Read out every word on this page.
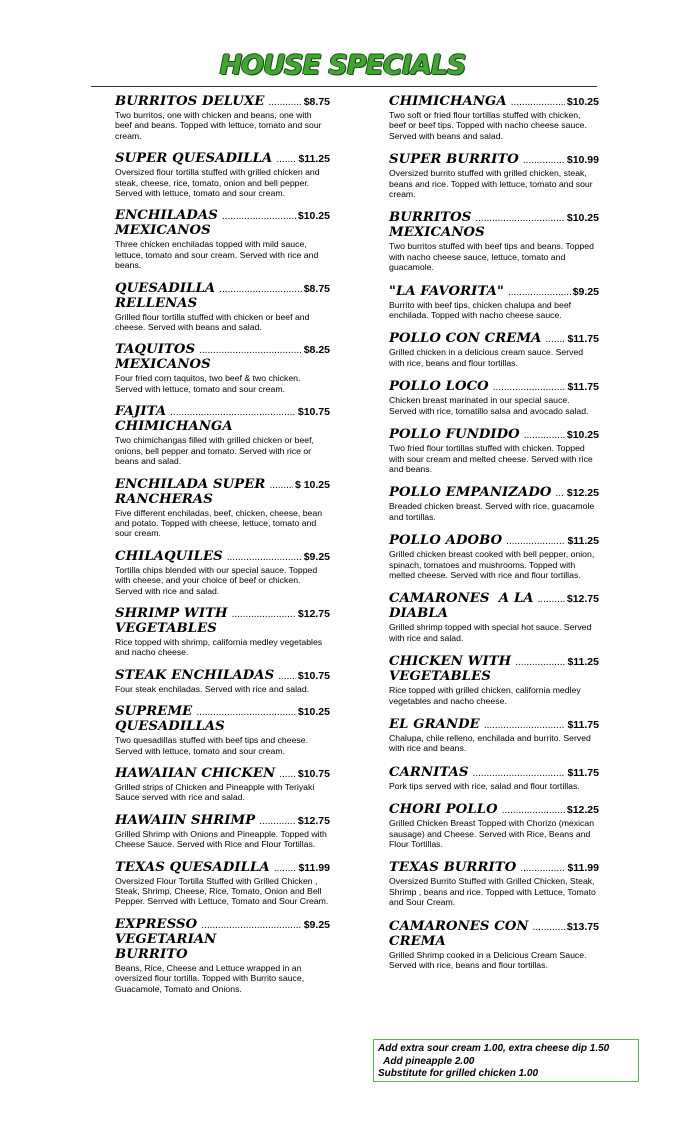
HOUSE SPECIALS
BURRITOS DELUXE .....	$8.75
Two burritos, one with chicken and beans, one with beef and beans. Topped with lettuce, tomato and sour cream.
SUPER QUESADILLA ..... $11.25
Oversized flour tortilla stuffed with grilled chicken and steak, cheese, rice, tomato, onion and bell pepper. Served with lettuce, tomato and sour cream.
ENCHILADAS .....	$10.25
MEXICANOS
Three chicken enchiladas topped with mild sauce, lettuce, tomato and sour cream. Served with rice and beans.
QUESADILLA .....	$8.75
RELLENAS
Grilled flour tortilla stuffed with chicken or beef and cheese. Served with beans and salad.
TAQUITOS .....	$8.25
MEXICANOS
Four fried corn taquitos, two beef & two chicken. Served with lettuce, tomato and sour cream.
FAJITA .....	$10.75
CHIMICHANGA
Two chimichangas filled with grilled chicken or beef, onions, bell pepper and tomato. Served with rice or beans and salad.
ENCHILADA SUPER .....	$ 10.25
RANCHERAS
Five different enchiladas, beef, chicken, cheese, bean and potato. Topped with cheese, lettuce, tomato and sour cream.
CHILAQUILES .....	$9.25
Tortilla chips blended with our special sauce. Topped with cheese, and your choice of beef or chicken. Served with rice and salad.
SHRIMP WITH .....	$12.75
VEGETABLES
Rice topped with shrimp, california medley vegetables and nacho cheese.
STEAK ENCHILADAS ..... $10.75
Four steak enchiladas. Served with rice and salad.
SUPREME .....	$10.25
QUESADILLAS
Two quesadillas stuffed with beef tips and cheese. Served with lettuce, tomato and sour cream.
HAWAIIAN CHICKEN ..... $10.75
Grilled strips of Chicken and Pineapple with Teriyaki Sauce served with rice and salad.
HAWAIIN SHRIMP .....	$12.75
Grilled Shrimp with Onions and Pineapple. Topped with Cheese Sauce. Served with Rice and Flour Tortillas.
TEXAS QUESADILLA .....	$11.99
Oversized Flour Tortilla Stuffed with Grilled Chicken , Steak, Shrimp, Cheese, Rice, Tomato, Onion and Bell Pepper. Serrved with Lettuce, Tomato and Sour Cream.
EXPRESSO .....	$9.25
VEGETARIAN BURRITO
Beans, Rice, Cheese and Lettuce wrapped in an oversized flour tortilla. Topped with Burrito sauce, Guacamole, Tomato and Onions.
CHIMICHANGA .....	$10.25
Two soft or fried flour tortillas stuffed with chicken, beef or beef tips. Topped with nacho cheese sauce. Served with beans and salad.
SUPER BURRITO .....	$10.99
Oversized burrito stuffed with grilled chicken, steak, beans and rice. Topped with lettuce, tomato and sour cream.
BURRITOS .....	$10.25
MEXICANOS
Two burritos stuffed with beef tips and beans. Topped with nacho cheese sauce, lettuce, tomato and guacamole.
"LA FAVORITA" .....	$9.25
Burrito with beef tips, chicken chalupa and beef enchilada. Topped with nacho cheese sauce.
POLLO CON CREMA ..... $11.75
Grilled chicken in a delicious cream sauce. Served with rice, beans and flour tortillas.
POLLO LOCO .....	$11.75
Chicken breast marinated in our special sauce. Served with rice, tomatillo salsa and avocado salad.
POLLO FUNDIDO .....	$10.25
Two fried flour tortillas stuffed with chicken. Topped with sour cream and melted cheese. Served with rice and beans.
POLLO EMPANIZADO ..... $12.25
Breaded chicken breast. Served with rice, guacamole and tortillas.
POLLO ADOBO .....	$11.25
Grilled chicken breast cooked with bell pepper, onion, spinach, tomatoes and mushrooms. Topped with melted cheese. Served with rice and flour tortillas.
CAMARONES  A LA .....	$12.75
DIABLA
Grilled shrimp topped with special hot sauce. Served with rice and salad.
CHICKEN WITH .....	$11.25
VEGETABLES
Rice topped with grilled chicken, california medley vegetables and nacho cheese.
EL GRANDE .....	$11.75
Chalupa, chile relleno, enchilada and burrito. Served with rice and beans.
CARNITAS .....	$11.75
Pork tips served with rice, salad and flour tortillas.
CHORI POLLO .....	$12.25
Grilled Chicken Breast Topped with Chorizo (mexican sausage) and Cheese. Served with Rice, Beans and Flour Tortillas.
TEXAS BURRITO .....	$11.99
Oversized Burrito Stuffed with Grilled Chicken, Steak, Shrimp , beans and rice. Topped with Lettuce, Tomato and Sour Cream.
CAMARONES CON .....	$13.75
CREMA
Grilled Shrimp cooked in a Delicious Cream Sauce. Served with rice, beans and flour tortillas.
Add extra sour cream 1.00, extra cheese dip 1.50
Add pineapple 2.00
Substitute for grilled chicken 1.00
